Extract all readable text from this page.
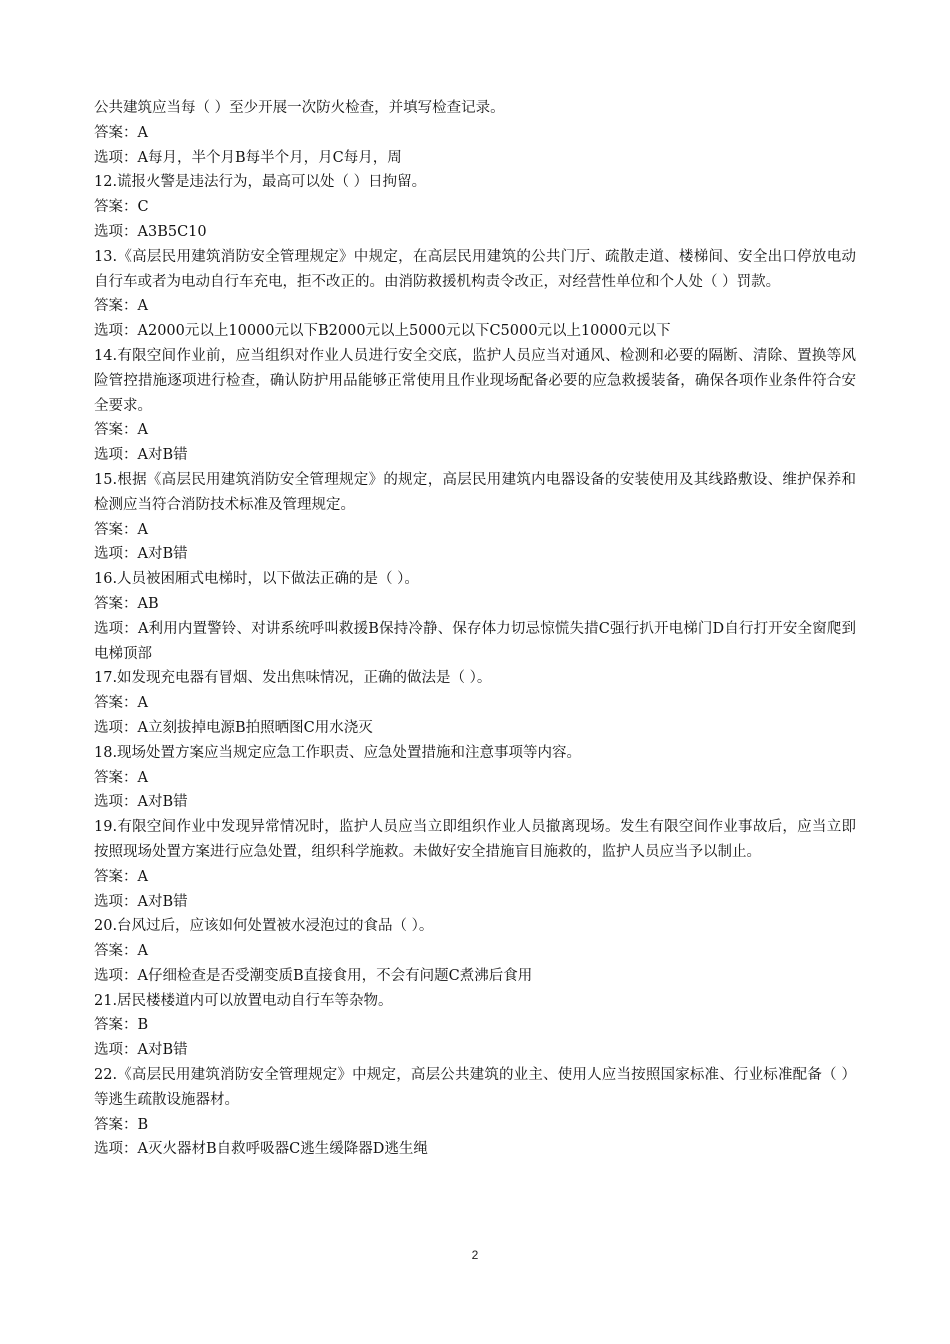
公共建筑应当每（ ）至少开展一次防火检查，并填写检查记录。
答案：A
选项：A每月，半个月B每半个月，月C每月，周
12.谎报火警是违法行为，最高可以处（ ）日拘留。
答案：C
选项：A3B5C10
13.《高层民用建筑消防安全管理规定》中规定，在高层民用建筑的公共门厅、疏散走道、楼梯间、安全出口停放电动自行车或者为电动自行车充电，拒不改正的。由消防救援机构责令改正，对经营性单位和个人处（ ）罚款。
答案：A
选项：A2000元以上10000元以下B2000元以上5000元以下C5000元以上10000元以下
14.有限空间作业前，应当组织对作业人员进行安全交底，监护人员应当对通风、检测和必要的隔断、清除、置换等风险管控措施逐项进行检查，确认防护用品能够正常使用且作业现场配备必要的应急救援装备，确保各项作业条件符合安全要求。
答案：A
选项：A对B错
15.根据《高层民用建筑消防安全管理规定》的规定，高层民用建筑内电器设备的安装使用及其线路敷设、维护保养和检测应当符合消防技术标准及管理规定。
答案：A
选项：A对B错
16.人员被困厢式电梯时，以下做法正确的是（ ）。
答案：AB
选项：A利用内置警铃、对讲系统呼叫救援B保持冷静、保存体力切忌惊慌失措C强行扒开电梯门D自行打开安全窗爬到电梯顶部
17.如发现充电器有冒烟、发出焦味情况，正确的做法是（ ）。
答案：A
选项：A立刻拔掉电源B拍照晒图C用水浇灭
18.现场处置方案应当规定应急工作职责、应急处置措施和注意事项等内容。
答案：A
选项：A对B错
19.有限空间作业中发现异常情况时，监护人员应当立即组织作业人员撤离现场。发生有限空间作业事故后，应当立即按照现场处置方案进行应急处置，组织科学施救。未做好安全措施盲目施救的，监护人员应当予以制止。
答案：A
选项：A对B错
20.台风过后，应该如何处置被水浸泡过的食品（ ）。
答案：A
选项：A仔细检查是否受潮变质B直接食用，不会有问题C煮沸后食用
21.居民楼楼道内可以放置电动自行车等杂物。
答案：B
选项：A对B错
22.《高层民用建筑消防安全管理规定》中规定，高层公共建筑的业主、使用人应当按照国家标准、行业标准配备（ ）等逃生疏散设施器材。
答案：B
选项：A灭火器材B自救呼吸器C逃生缓降器D逃生绳
2
